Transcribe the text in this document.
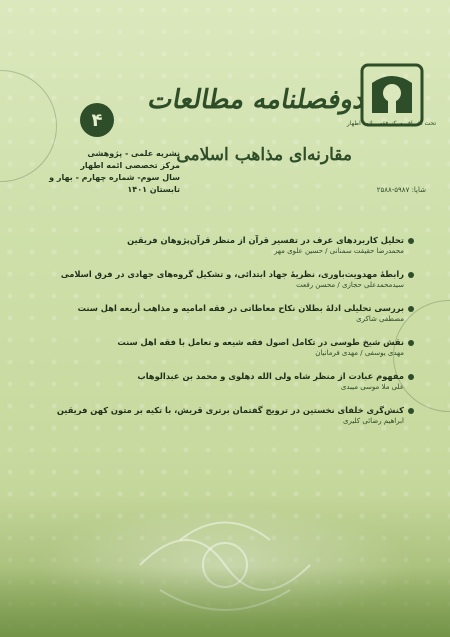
تحت اشراف مرکز فقهی ائمه اطهار
دوفصلنامه مطالعات
مقارنه‌ای مذاهب اسلامی
۴
نشریه علمی - پژوهشی
مرکز تخصصی ائمه اطهار
سال سوم- شماره چهارم - بهار و تابستان ۱۴۰۱	شاپا: ۲۵۸۸-۵۹۸۷
تحلیل کاربردهای عرف در تفسیر قرآن از منظر قرآن‌پژوهان فریقین
محمدرضا حقیقت سمنانی / حسین علوی مهر
رابطهٔ مهدویت‌باوری، نظریهٔ جهاد ابتدائی، و تشکیل گروه‌های جهادی در فرق اسلامی
سیدمحمدعلی حجازی / محسن رفعت
بررسی تحلیلی ادلهٔ بطلان نکاح معاطاتی در فقه امامیه و مذاهب أربعه اهل سنت
مصطفی شاکری
نقش شیخ طوسی در تکامل اصول فقه شیعه و تعامل با فقه اهل سنت
مهدی یوسفی / مهدی فرمانیان
مفهوم عبادت از منظر شاه ولی الله دهلوی و محمد بن عبدالوهاب
علی ملا موسی میبدی
کنش‌گری خلفای نخستین در ترویج گفتمان برتری قریش، با تکیه بر متون کهن فریقین
ابراهیم رضائی کلیری
